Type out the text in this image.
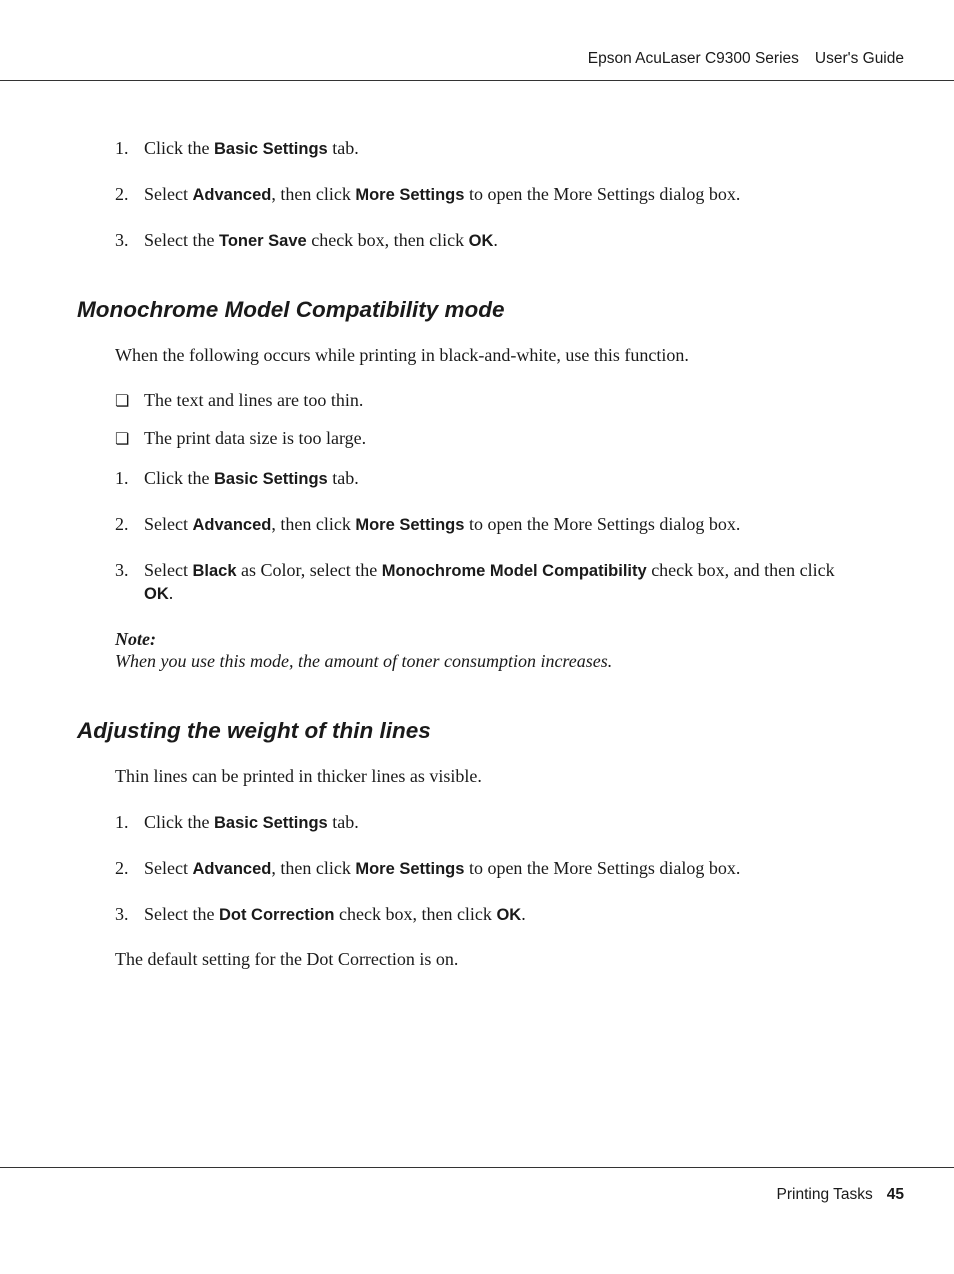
Epson AcuLaser C9300 Series User's Guide
1. Click the Basic Settings tab.
2. Select Advanced, then click More Settings to open the More Settings dialog box.
3. Select the Toner Save check box, then click OK.
Monochrome Model Compatibility mode
When the following occurs while printing in black-and-white, use this function.
❏ The text and lines are too thin.
❏ The print data size is too large.
1. Click the Basic Settings tab.
2. Select Advanced, then click More Settings to open the More Settings dialog box.
3. Select Black as Color, select the Monochrome Model Compatibility check box, and then click
OK.
Note:
When you use this mode, the amount of toner consumption increases.
Adjusting the weight of thin lines
Thin lines can be printed in thicker lines as visible.
1. Click the Basic Settings tab.
2. Select Advanced, then click More Settings to open the More Settings dialog box.
3. Select the Dot Correction check box, then click OK.
The default setting for the Dot Correction is on.
Printing Tasks 45
